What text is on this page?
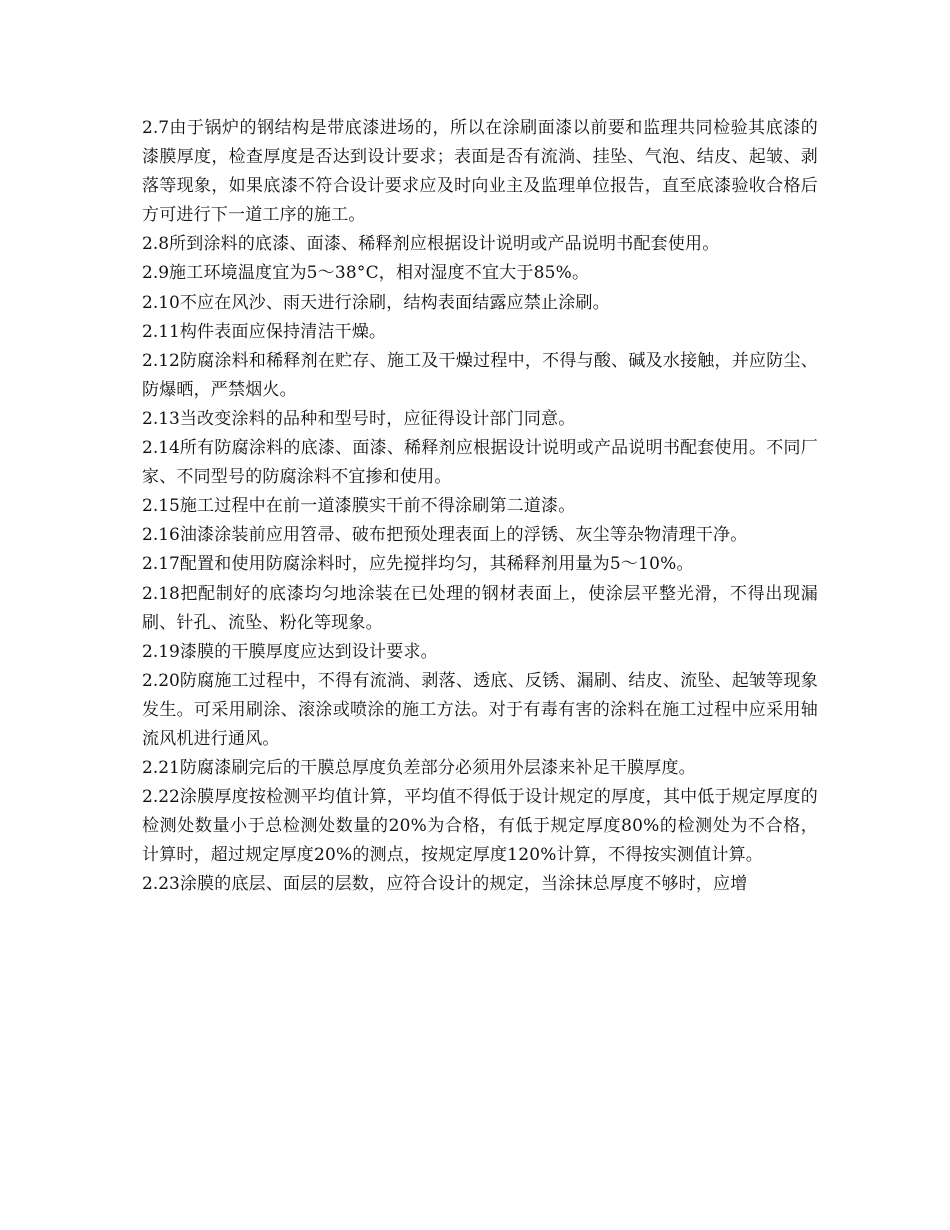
2.7由于锅炉的钢结构是带底漆进场的，所以在涂刷面漆以前要和监理共同检验其底漆的漆膜厚度，检查厚度是否达到设计要求；表面是否有流淌、挂坠、气泡、结皮、起皱、剥落等现象，如果底漆不符合设计要求应及时向业主及监理单位报告，直至底漆验收合格后方可进行下一道工序的施工。

2.8所到涂料的底漆、面漆、稀释剂应根据设计说明或产品说明书配套使用。

2.9施工环境温度宜为5～38°C，相对湿度不宜大于85%。

2.10不应在风沙、雨天进行涂刷，结构表面结露应禁止涂刷。

2.11构件表面应保持清洁干燥。

2.12防腐涂料和稀释剂在贮存、施工及干燥过程中，不得与酸、碱及水接触，并应防尘、防爆晒，严禁烟火。

2.13当改变涂料的品种和型号时，应征得设计部门同意。

2.14所有防腐涂料的底漆、面漆、稀释剂应根据设计说明或产品说明书配套使用。不同厂家、不同型号的防腐涂料不宜掺和使用。

2.15施工过程中在前一道漆膜实干前不得涂刷第二道漆。

2.16油漆涂装前应用笤帚、破布把预处理表面上的浮锈、灰尘等杂物清理干净。

2.17配置和使用防腐涂料时，应先搅拌均匀，其稀释剂用量为5～10%。

2.18把配制好的底漆均匀地涂装在已处理的钢材表面上，使涂层平整光滑，不得出现漏刷、针孔、流坠、粉化等现象。

2.19漆膜的干膜厚度应达到设计要求。

2.20防腐施工过程中，不得有流淌、剥落、透底、反锈、漏刷、结皮、流坠、起皱等现象发生。可采用刷涂、滚涂或喷涂的施工方法。对于有毒有害的涂料在施工过程中应采用轴流风机进行通风。

2.21防腐漆刷完后的干膜总厚度负差部分必须用外层漆来补足干膜厚度。

2.22涂膜厚度按检测平均值计算，平均值不得低于设计规定的厚度，其中低于规定厚度的检测处数量小于总检测处数量的20%为合格，有低于规定厚度80%的检测处为不合格，计算时，超过规定厚度20%的测点，按规定厚度120%计算，不得按实测值计算。

2.23涂膜的底层、面层的层数，应符合设计的规定，当涂抹总厚度不够时，应增
